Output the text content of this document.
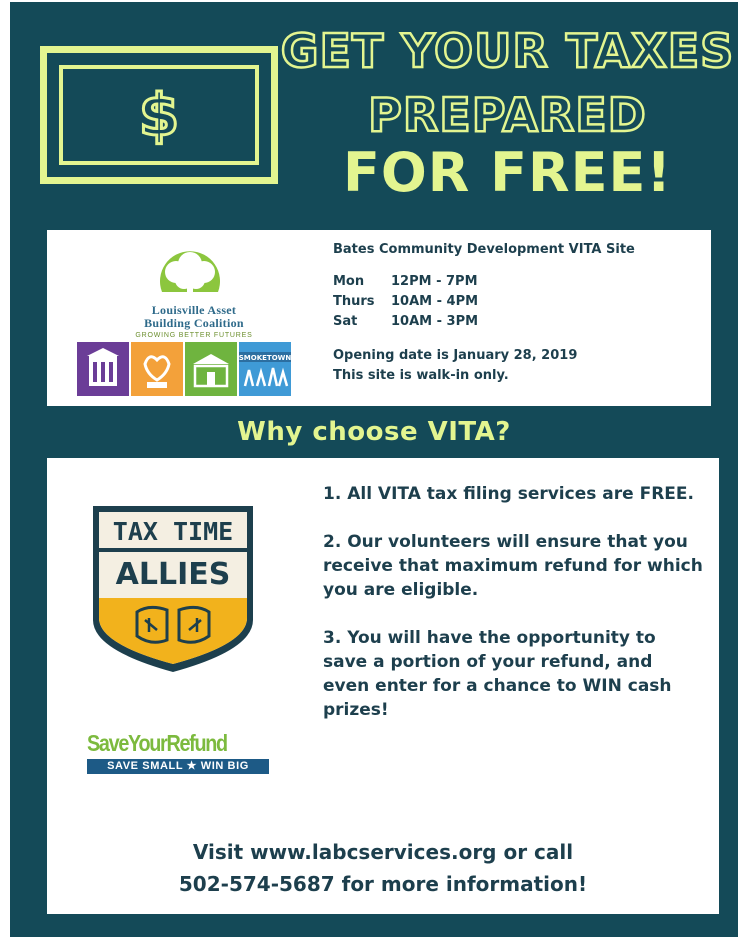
$
GET YOUR TAXES
PREPARED
FOR FREE!
Louisville Asset
Building Coalition
GROWING BETTER FUTURES
SMOKETOWN
Bates Community Development VITA Site
Mon	12PM - 7PM
Thurs	10AM - 4PM
Sat	10AM - 3PM
Opening date is January 28, 2019
This site is walk-in only.
Why choose VITA?
TAX TIME
ALLIES
SaveYourRefund
SAVE SMALL ★ WIN BIG
1. All VITA tax filing services are FREE.
2. Our volunteers will ensure that you receive that maximum refund for which you are eligible.
3. You will have the opportunity to save a portion of your refund, and even enter for a chance to WIN cash prizes!
Visit www.labcservices.org or call
502-574-5687 for more information!
